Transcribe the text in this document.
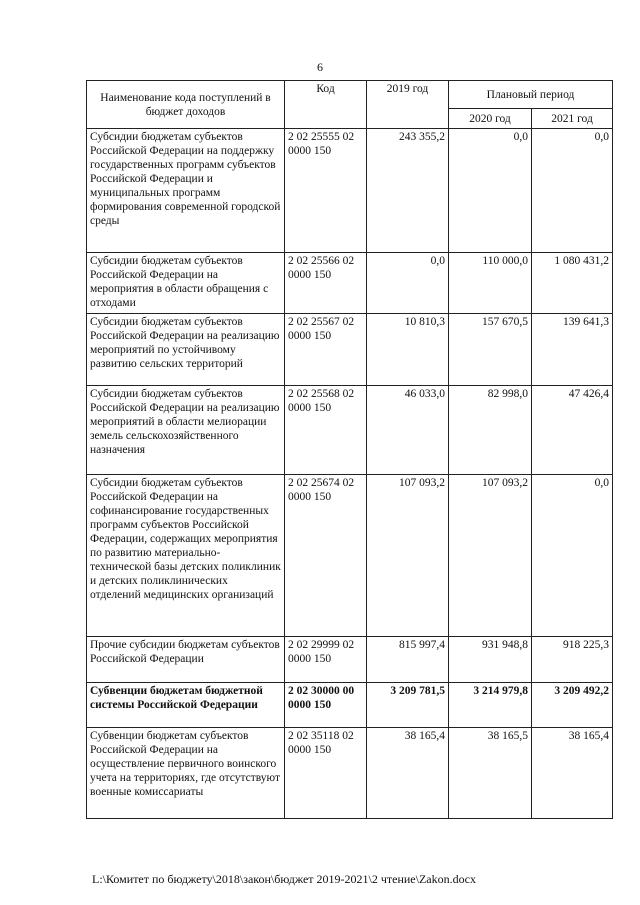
6
Наименование кода поступлений в бюджет доходов	Код	2019 год	Плановый период	
			2020 год	2021 год
Субсидии бюджетам субъектов Российской Федерации на поддержку государственных программ субъектов Российской Федерации и муниципальных программ формирования современной городской среды	2 02 25555 02 0000 150	243 355,2	0,0	0,0
Субсидии бюджетам субъектов Российской Федерации на мероприятия в области обращения с отходами	2 02 25566 02 0000 150	0,0	110 000,0	1 080 431,2
Субсидии бюджетам субъектов Российской Федерации на реализацию мероприятий по устойчивому развитию сельских территорий	2 02 25567 02 0000 150	10 810,3	157 670,5	139 641,3
Субсидии бюджетам субъектов Российской Федерации на реализацию мероприятий в области мелиорации земель сельскохозяйственного назначения	2 02 25568 02 0000 150	46 033,0	82 998,0	47 426,4
Субсидии бюджетам субъектов Российской Федерации на софинансирование государственных программ субъектов Российской Федерации, содержащих мероприятия по развитию материально-технической базы детских поликлиник и детских поликлинических отделений медицинских организаций	2 02 25674 02 0000 150	107 093,2	107 093,2	0,0
Прочие субсидии бюджетам субъектов Российской Федерации	2 02 29999 02 0000 150	815 997,4	931 948,8	918 225,3
Субвенции бюджетам бюджетной системы Российской Федерации	2 02 30000 00 0000 150	3 209 781,5	3 214 979,8	3 209 492,2
Субвенции бюджетам субъектов Российской Федерации на осуществление первичного воинского учета на территориях, где отсутствуют военные комиссариаты	2 02 35118 02 0000 150	38 165,4	38 165,5	38 165,4
L:\Комитет по бюджету\2018\закон\бюджет 2019-2021\2 чтение\Zakon.docx
